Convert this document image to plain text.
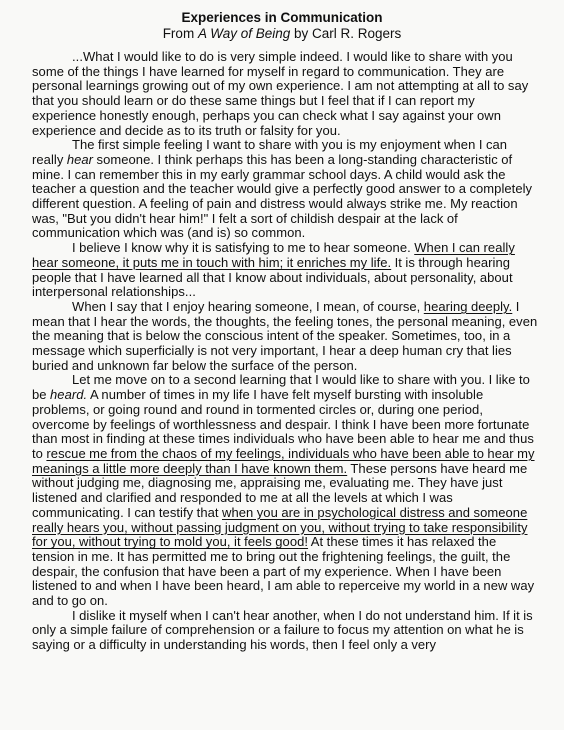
Experiences in Communication
From A Way of Being by Carl R. Rogers

...What I would like to do is very simple indeed. I would like to share with you some of the things I have learned for myself in regard to communication. They are personal learnings growing out of my own experience. I am not attempting at all to say that you should learn or do these same things but I feel that if I can report my experience honestly enough, perhaps you can check what I say against your own experience and decide as to its truth or falsity for you.

The first simple feeling I want to share with you is my enjoyment when I can really hear someone. I think perhaps this has been a long-standing characteristic of mine. I can remember this in my early grammar school days. A child would ask the teacher a question and the teacher would give a perfectly good answer to a completely different question. A feeling of pain and distress would always strike me. My reaction was, "But you didn't hear him!" I felt a sort of childish despair at the lack of communication which was (and is) so common.

I believe I know why it is satisfying to me to hear someone. When I can really hear someone, it puts me in touch with him; it enriches my life. It is through hearing people that I have learned all that I know about individuals, about personality, about interpersonal relationships...

When I say that I enjoy hearing someone, I mean, of course, hearing deeply. I mean that I hear the words, the thoughts, the feeling tones, the personal meaning, even the meaning that is below the conscious intent of the speaker. Sometimes, too, in a message which superficially is not very important, I hear a deep human cry that lies buried and unknown far below the surface of the person.

Let me move on to a second learning that I would like to share with you. I like to be heard. A number of times in my life I have felt myself bursting with insoluble problems, or going round and round in tormented circles or, during one period, overcome by feelings of worthlessness and despair. I think I have been more fortunate than most in finding at these times individuals who have been able to hear me and thus to rescue me from the chaos of my feelings, individuals who have been able to hear my meanings a little more deeply than I have known them. These persons have heard me without judging me, diagnosing me, appraising me, evaluating me. They have just listened and clarified and responded to me at all the levels at which I was communicating. I can testify that when you are in psychological distress and someone really hears you, without passing judgment on you, without trying to take responsibility for you, without trying to mold you, it feels good! At these times it has relaxed the tension in me. It has permitted me to bring out the frightening feelings, the guilt, the despair, the confusion that have been a part of my experience. When I have been listened to and when I have been heard, I am able to reperceive my world in a new way and to go on.

I dislike it myself when I can't hear another, when I do not understand him. If it is only a simple failure of comprehension or a failure to focus my attention on what he is saying or a difficulty in understanding his words, then I feel only a very
